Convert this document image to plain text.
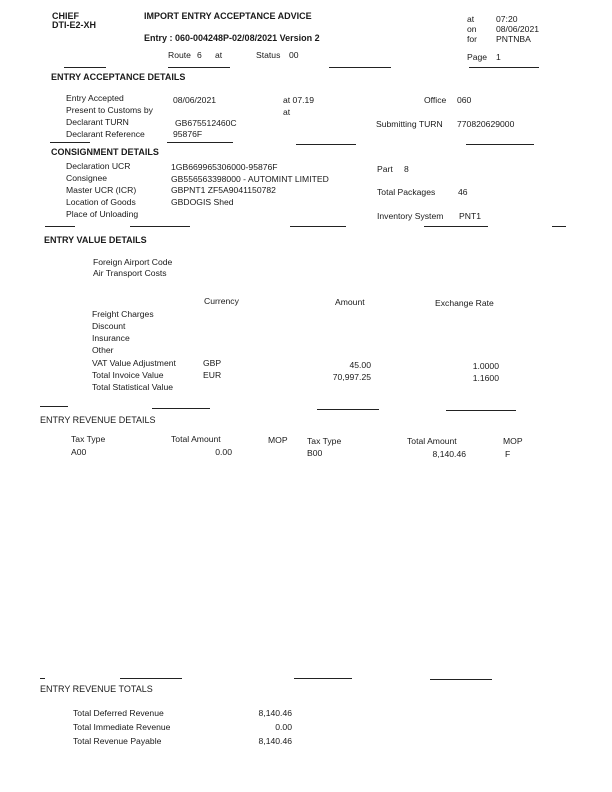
CHIEF
DTI-E2-XH
IMPORT ENTRY ACCEPTANCE ADVICE
Entry : 060-004248P-02/08/2021 Version 2
Route 6 at	Status 00
at	07:20
on 08/06/2021
for PNTNBA
Page 1
ENTRY ACCEPTANCE DETAILS
Entry Accepted	08/06/2021	at 07.19
Present to Customs by	at
Declarant TURN	GB675512460C
Declarant Reference	95876F
Office 060
Submitting TURN 770820629000
CONSIGNMENT DETAILS
Declaration UCR	1GB669965306000-95876F
Consignee	GB556563398000 - AUTOMINT LIMITED
Master UCR (ICR)	GBPNT1 ZF5A9041150782
Location of Goods	GBDOGIS Shed
Place of Unloading
Part 8
Total Packages	46
Inventory System PNT1
ENTRY VALUE DETAILS
Foreign Airport Code
Air Transport Costs
Currency	Amount	Exchange Rate
Freight Charges
Discount
Insurance
Other
VAT Value Adjustment	GBP	45.00	1.0000
Total Invoice Value	EUR	70,997.25	1.1600
Total Statistical Value
ENTRY REVENUE DETAILS
Tax Type	Total Amount	MOP Tax Type	Total Amount	MOP
A00	0.00	B00	8,140.46	F
ENTRY REVENUE TOTALS
Total Deferred Revenue	8,140.46
Total Immediate Revenue	0.00
Total Revenue Payable	8,140.46
